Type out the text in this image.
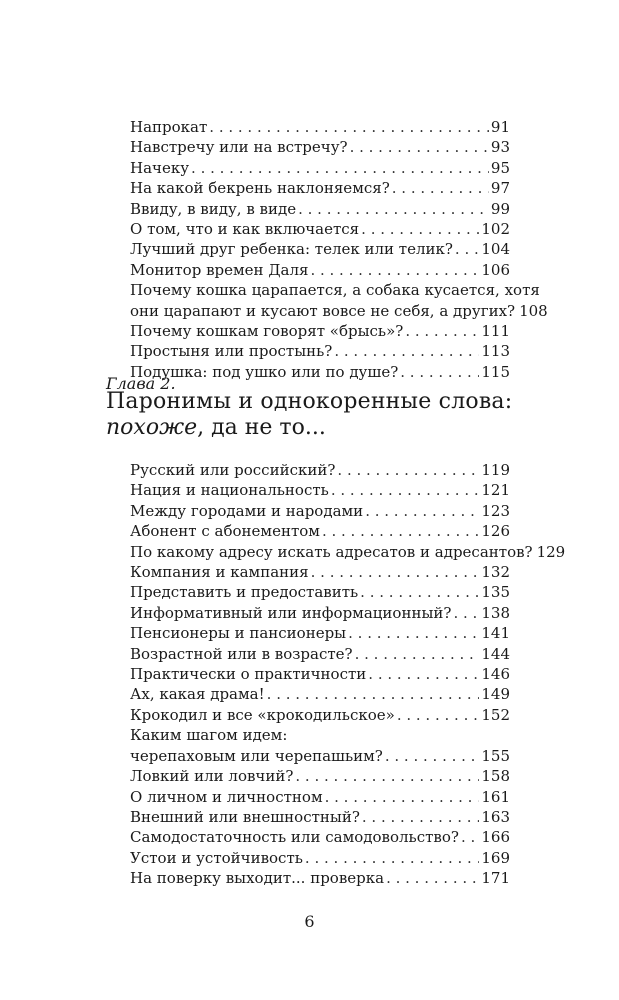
Напрокат . . .	91
Навстречу или на встречу? . . .	93
Начеку . . .	95
На какой бекрень наклоняемся? . . .	97
Ввиду, в виду, в виде . . .	99
О том, что и как включается . . .	102
Лучший друг ребенка: телек или телик? . . . 104
Монитор времен Даля . . .	106
Почему кошка царапается, а собака кусается, хотя
они царапают и кусают вовсе не себя, а других? 108
Почему кошкам говорят «брысь»? . . .	111
Простыня или простынь? . . .	113
Подушка: под ушко или по душе? . . .	115
Глава 2.
Паронимы и однокоренные слова:
похоже, да не то...
Русский или российский? . . .	119
Нация и национальность . . .	121
Между городами и народами . . .	123
Абонент с абонементом . . .	126
По какому адресу искать адресатов и адресантов? 129
Компания и кампания . . .	132
Представить и предоставить . . .	135
Информативный или информационный? . . . 138
Пенсионеры и пансионеры . . .	141
Возрастной или в возрасте? . . .	144
Практически о практичности . . .	146
Ах, какая драма! . . .	149
Крокодил и все «крокодильское» . . .	152
Каким шагом идем:
черепаховым или черепашьим? . . .	155
Ловкий или ловчий? . . .	158
О личном и личностном . . .	161
Внешний или внешностный? . . .	163
Самодостаточность или самодовольство? . . . 166
Устои и устойчивость . . .	169
На поверку выходит... проверка . . .	171
6
